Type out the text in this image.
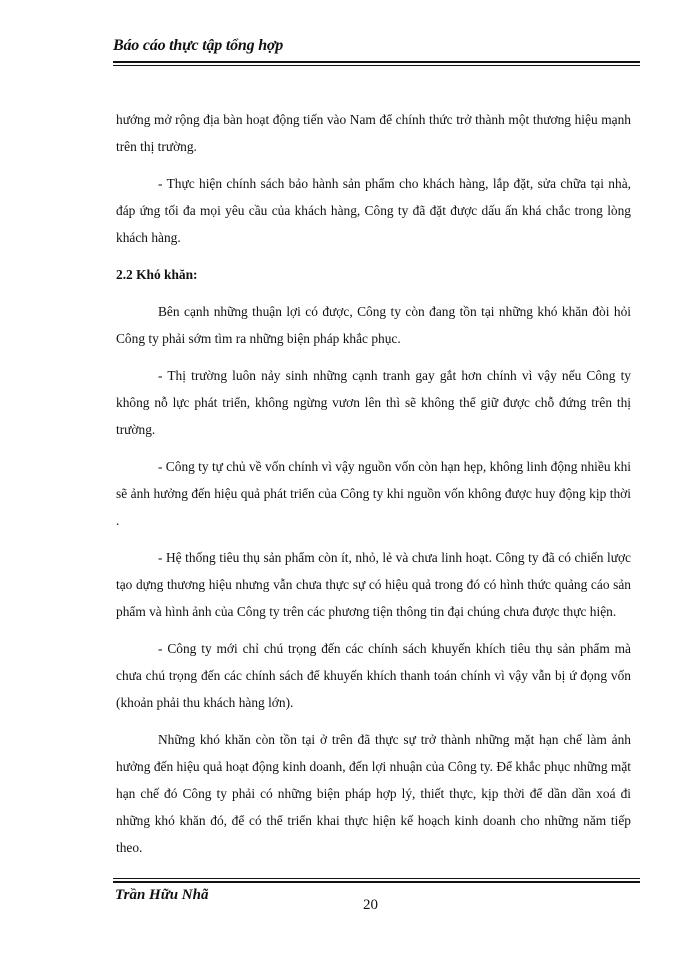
Báo cáo thực tập tổng hợp

hướng mở rộng địa bàn hoạt động tiến vào Nam để chính thức trở thành một thương hiệu mạnh trên thị trường.

- Thực hiện chính sách bảo hành sản phẩm cho khách hàng, lắp đặt, sửa chữa tại nhà, đáp ứng tối đa mọi yêu cầu của khách hàng, Công ty đã đặt được dấu ấn khá chắc trong lòng khách hàng.

2.2 Khó khăn:

Bên cạnh những thuận lợi có được, Công ty còn đang tồn tại những khó khăn đòi hỏi Công ty phải sớm tìm ra những biện pháp khắc phục.

- Thị trường luôn nảy sinh những cạnh tranh gay gắt hơn chính vì vậy nếu Công ty không nỗ lực phát triển, không ngừng vươn lên thì sẽ không thể giữ được chỗ đứng trên thị trường.

- Công ty tự chủ về vốn chính vì vậy nguồn vốn còn hạn hẹp, không linh động nhiều khi sẽ ảnh hưởng đến hiệu quả phát triển của Công ty khi nguồn vốn không được huy động kịp thời .

- Hệ thống tiêu thụ sản phẩm còn ít, nhỏ, lẻ và chưa linh hoạt. Công ty đã có chiến lược tạo dựng thương hiệu nhưng vẫn chưa thực sự có hiệu quả trong đó có hình thức quảng cáo sản phẩm và hình ảnh của Công ty trên các phương tiện thông tin đại chúng chưa được thực hiện.

- Công ty mới chỉ chú trọng đến các chính sách khuyến khích tiêu thụ sản phẩm mà chưa chú trọng đến các chính sách để khuyến khích thanh toán chính vì vậy vẫn bị ứ đọng vốn (khoản phải thu khách hàng lớn).

Những khó khăn còn tồn tại ở trên đã thực sự trở thành những mặt hạn chế làm ảnh hưởng đến hiệu quả hoạt động kinh doanh, đến lợi nhuận của Công ty. Để khắc phục những mặt hạn chế đó Công ty phải có những biện pháp hợp lý, thiết thực, kịp thời để dần dần xoá đi những khó khăn đó, để có thể triển khai thực hiện kế hoạch kinh doanh cho những năm tiếp theo.

Trần Hữu Nhã
20
